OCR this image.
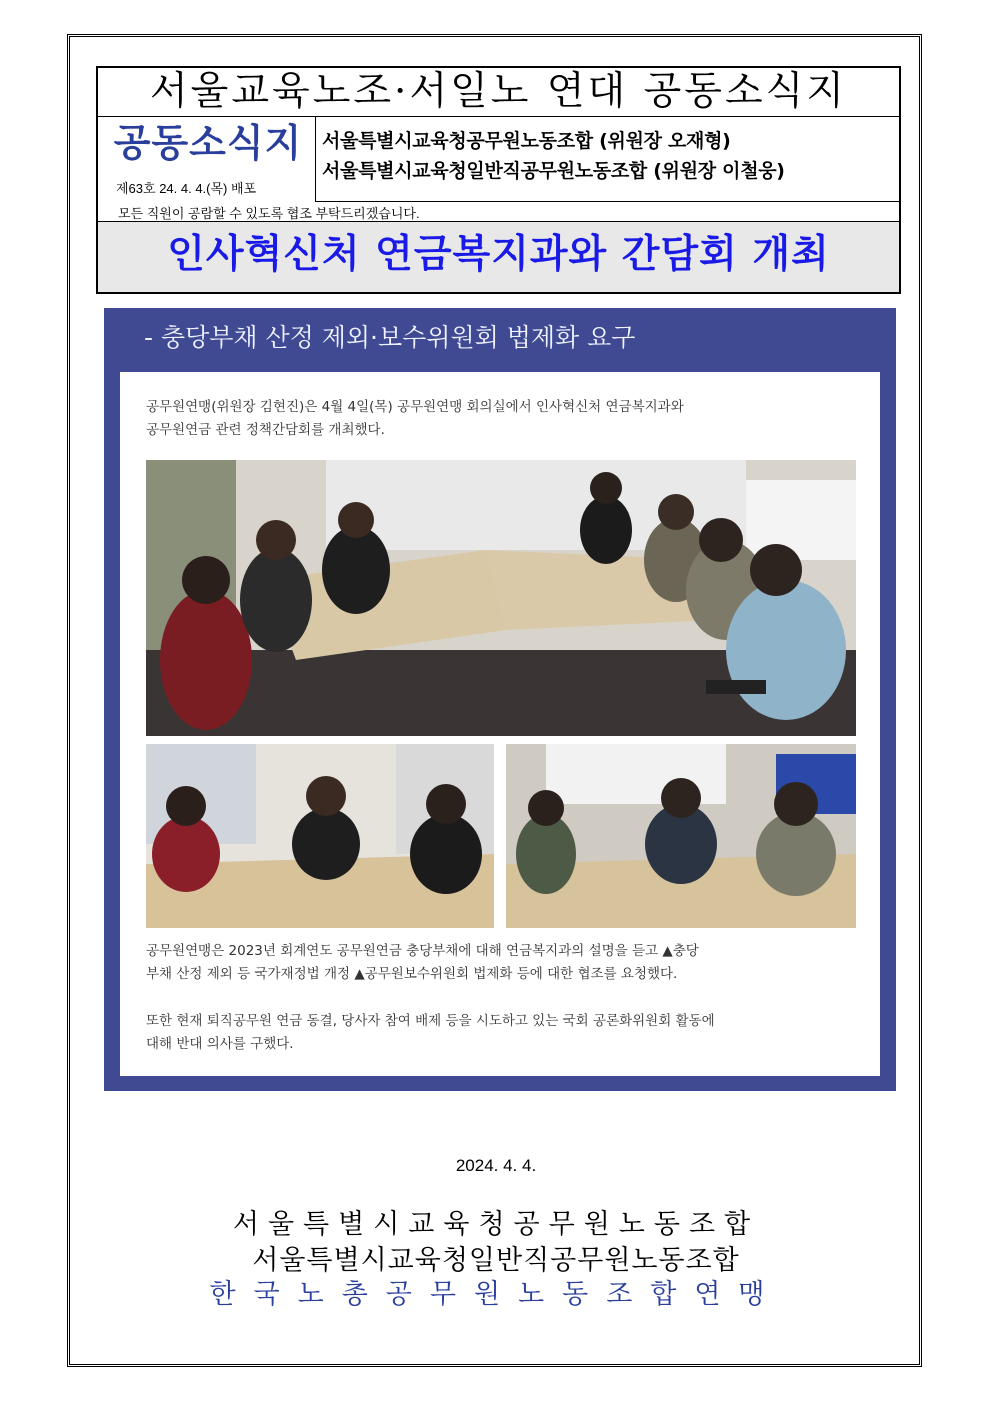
서울교육노조·서일노 연대 공동소식지
공동소식지
제63호 24. 4. 4.(목) 배포
서울특별시교육청공무원노동조합 (위원장 오재형)
서울특별시교육청일반직공무원노동조합 (위원장 이철웅)
모든 직원이 공람할 수 있도록 협조 부탁드리겠습니다.
인사혁신처 연금복지과와 간담회 개최
- 충당부채 산정 제외·보수위원회 법제화 요구
공무원연맹(위원장 김현진)은 4월 4일(목) 공무원연맹 회의실에서 인사혁신처 연금복지과와
공무원연금 관련 정책간담회를 개최했다.
공무원연맹은 2023년 회계연도 공무원연금 충당부채에 대해 연금복지과의 설명을 듣고 ▲충당
부채 산정 제외 등 국가재정법 개정 ▲공무원보수위원회 법제화 등에 대한 협조를 요청했다.
또한 현재 퇴직공무원 연금 동결, 당사자 참여 배제 등을 시도하고 있는 국회 공론화위원회 활동에
대해 반대 의사를 구했다.
2024. 4. 4.
서울특별시교육청공무원노동조합
서울특별시교육청일반직공무원노동조합
한국노총공무원노동조합연맹
